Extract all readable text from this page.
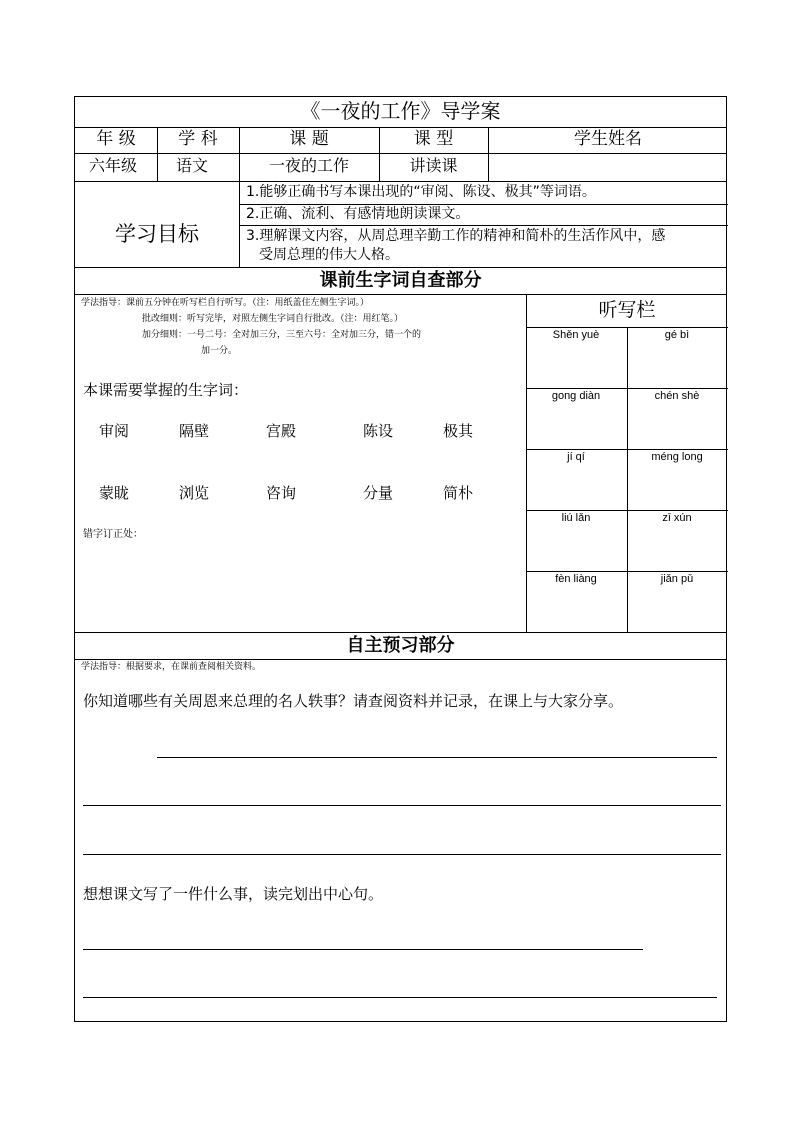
《一夜的工作》导学案
年 级	学 科	课 题	课 型	学生姓名
六年级	语文	一夜的工作	讲读课
学习目标
1.能够正确书写本课出现的“审阅、陈设、极其”等词语。
2.正确、流利、有感情地朗读课文。
3.理解课文内容，从周总理辛勤工作的精神和简朴的生活作风中，感
受周总理的伟大人格。
课前生字词自查部分
学法指导：课前五分钟在听写栏自行听写。（注：用纸盖住左侧生字词。）
批改细则：听写完毕，对照左侧生字词自行批改。（注：用红笔。）
加分细则：一号二号：全对加三分，三至六号：全对加三分，错一个的
加一分。
本课需要掌握的生字词：
审阅	隔壁	宫殿	陈设	极其
蒙眬	浏览	咨询	分量	简朴
错字订正处：
听写栏
Shěn yuè	gé bì
gong diàn	chén shè
jí qí	méng long
liú lǎn	zī xún
fèn liàng	jiǎn pǔ
自主预习部分
学法指导：根据要求，在课前查阅相关资料。
你知道哪些有关周恩来总理的名人轶事？请查阅资料并记录，在课上与大家分享。
想想课文写了一件什么事，读完划出中心句。
